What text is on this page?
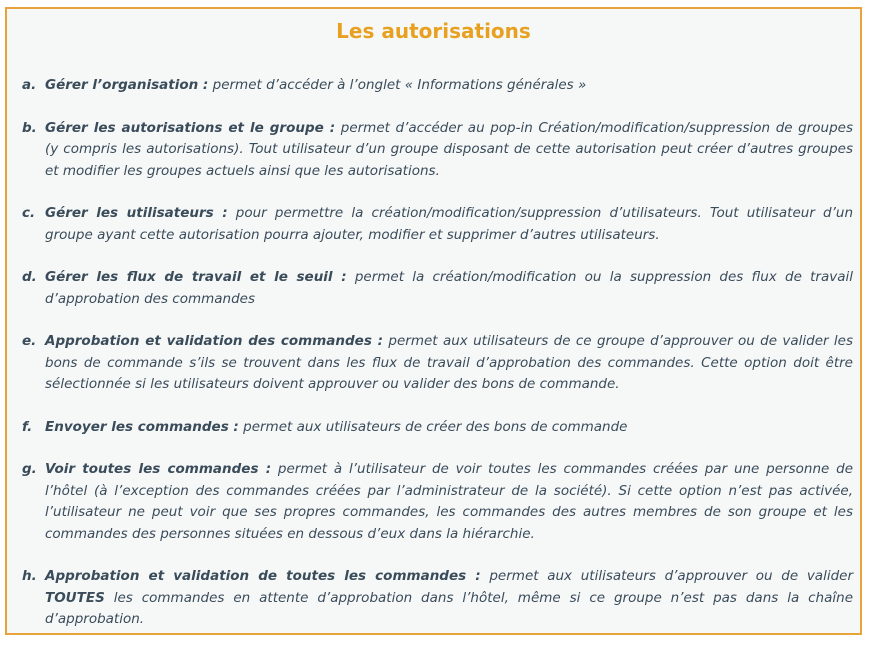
Les autorisations
a. Gérer l’organisation : permet d’accéder à l’onglet « Informations générales »
b. Gérer les autorisations et le groupe : permet d’accéder au pop-in Création/modification/suppression de groupes (y compris les autorisations). Tout utilisateur d’un groupe disposant de cette autorisation peut créer d’autres groupes et modifier les groupes actuels ainsi que les autorisations.
c. Gérer les utilisateurs : pour permettre la création/modification/suppression d’utilisateurs. Tout utilisateur d’un groupe ayant cette autorisation pourra ajouter, modifier et supprimer d’autres utilisateurs.
d. Gérer les flux de travail et le seuil : permet la création/modification ou la suppression des flux de travail d’approbation des commandes
e. Approbation et validation des commandes : permet aux utilisateurs de ce groupe d’approuver ou de valider les bons de commande s’ils se trouvent dans les flux de travail d’approbation des commandes. Cette option doit être sélectionnée si les utilisateurs doivent approuver ou valider des bons de commande.
f. Envoyer les commandes : permet aux utilisateurs de créer des bons de commande
g. Voir toutes les commandes : permet à l’utilisateur de voir toutes les commandes créées par une personne de l’hôtel (à l’exception des commandes créées par l’administrateur de la société). Si cette option n’est pas activée, l’utilisateur ne peut voir que ses propres commandes, les commandes des autres membres de son groupe et les commandes des personnes situées en dessous d’eux dans la hiérarchie.
h. Approbation et validation de toutes les commandes : permet aux utilisateurs d’approuver ou de valider TOUTES les commandes en attente d’approbation dans l’hôtel, même si ce groupe n’est pas dans la chaîne d’approbation.
